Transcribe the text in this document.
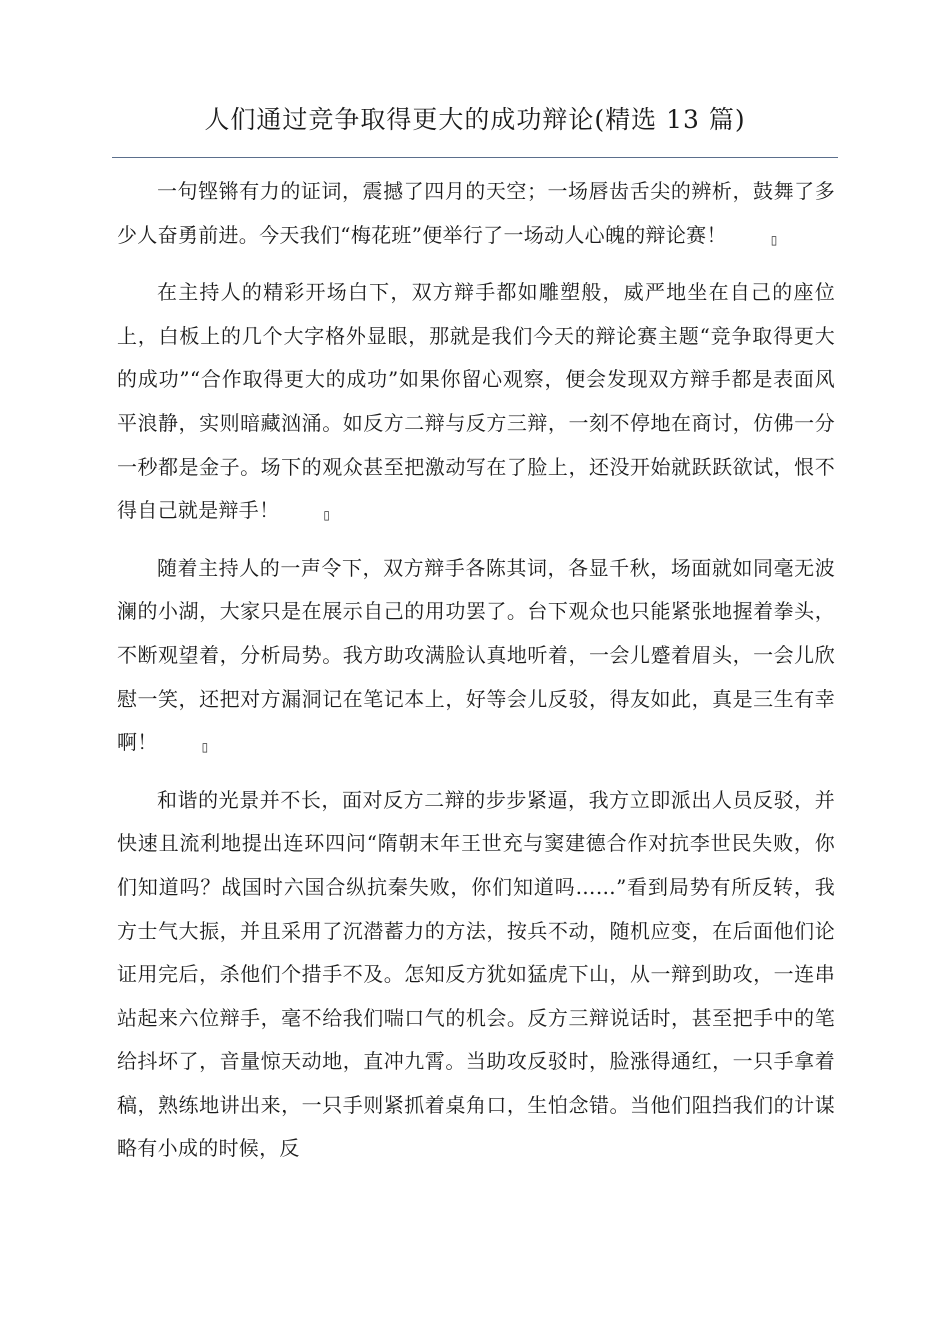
人们通过竞争取得更大的成功辩论(精选 13 篇)

一句铿锵有力的证词，震撼了四月的天空；一场唇齿舌尖的辨析，鼓舞了多少人奋勇前进。今天我们“梅花班”便举行了一场动人心魄的辩论赛！	▯

在主持人的精彩开场白下，双方辩手都如雕塑般，威严地坐在自己的座位上，白板上的几个大字格外显眼，那就是我们今天的辩论赛主题“竞争取得更大的成功”“合作取得更大的成功”如果你留心观察，便会发现双方辩手都是表面风平浪静，实则暗藏汹涌。如反方二辩与反方三辩，一刻不停地在商讨，仿佛一分一秒都是金子。场下的观众甚至把激动写在了脸上，还没开始就跃跃欲试，恨不得自己就是辩手！	▯

随着主持人的一声令下，双方辩手各陈其词，各显千秋，场面就如同毫无波澜的小湖，大家只是在展示自己的用功罢了。台下观众也只能紧张地握着拳头，不断观望着，分析局势。我方助攻满脸认真地听着，一会儿蹙着眉头，一会儿欣慰一笑，还把对方漏洞记在笔记本上，好等会儿反驳，得友如此，真是三生有幸啊！	▯

和谐的光景并不长，面对反方二辩的步步紧逼，我方立即派出人员反驳，并快速且流利地提出连环四问“隋朝末年王世充与窦建德合作对抗李世民失败，你们知道吗？战国时六国合纵抗秦失败，你们知道吗……”看到局势有所反转，我方士气大振，并且采用了沉潜蓄力的方法，按兵不动，随机应变，在后面他们论证用完后，杀他们个措手不及。怎知反方犹如猛虎下山，从一辩到助攻，一连串站起来六位辩手，毫不给我们喘口气的机会。反方三辩说话时，甚至把手中的笔给抖坏了，音量惊天动地，直冲九霄。当助攻反驳时，脸涨得通红，一只手拿着稿，熟练地讲出来，一只手则紧抓着桌角口，生怕念错。当他们阻挡我们的计谋略有小成的时候，反
